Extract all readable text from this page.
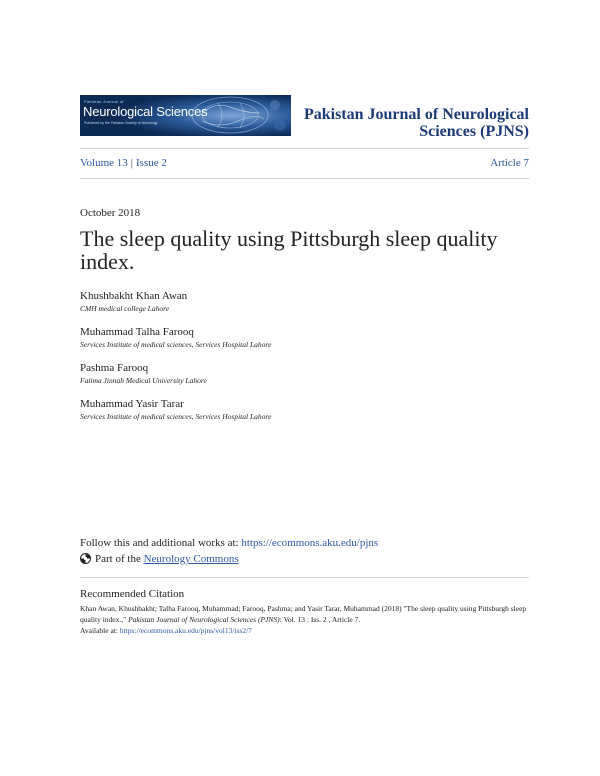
Pakistan Journal of
Neurological Sciences
Published by the Pakistan Society of Neurology	Pakistan Journal of Neurological Sciences (PJNS)
Volume 13 | Issue 2	Article 7
October 2018
The sleep quality using Pittsburgh sleep quality index.
Khushbakht Khan Awan
CMH medical college Lahore
Muhammad Talha Farooq
Services Institute of medical sciences, Services Hospital Lahore
Pashma Farooq
Fatima Jinnah Medical University Lahore
Muhammad Yasir Tarar
Services Institute of medical sciences, Services Hospital Lahore
Follow this and additional works at: https://ecommons.aku.edu/pjns
Part of the Neurology Commons
Recommended Citation
Khan Awan, Khushbakht; Talha Farooq, Muhammad; Farooq, Pashma; and Yasir Tarar, Muhammad (2018) "The sleep quality using Pittsburgh sleep quality index.," Pakistan Journal of Neurological Sciences (PJNS): Vol. 13 : Iss. 2 , Article 7.
Available at: https://ecommons.aku.edu/pjns/vol13/iss2/7
